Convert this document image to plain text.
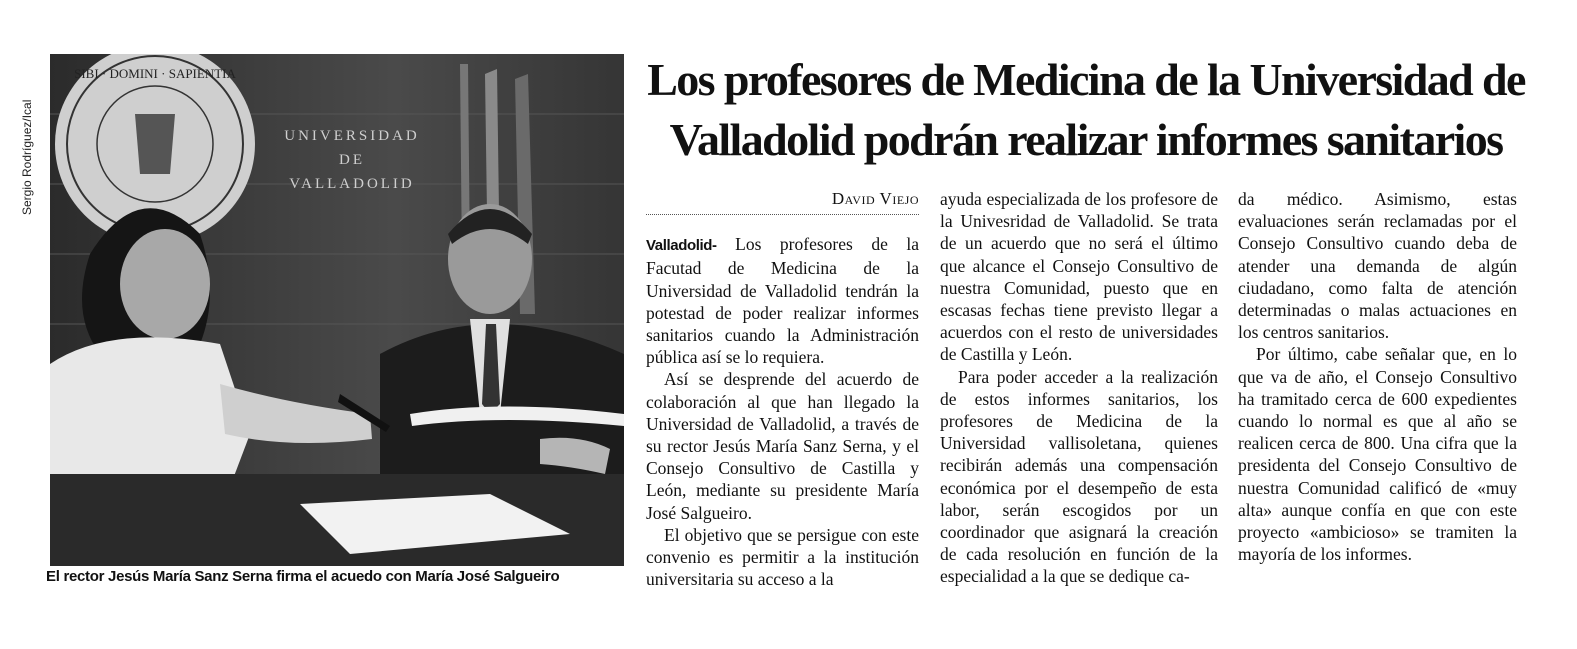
Sergio Rodríguez/Ical
SIBI · DOMINI · SAPIENTIA
UNIVERSIDAD
DE
VALLADOLID
El rector Jesús María Sanz Serna firma el acuedo con María José Salgueiro
Los profesores de Medicina de la Universidad de Valladolid podrán realizar informes sanitarios
David Viejo

Valladolid- Los profesores de la Facutad de Medicina de la Universidad de Valladolid tendrán la potestad de poder realizar informes sanitarios cuando la Administración pública así se lo requiera.

Así se desprende del acuerdo de colaboración al que han llegado la Universidad de Valladolid, a través de su rector Jesús María Sanz Serna, y el Consejo Consultivo de Castilla y León, mediante su presidente María José Salgueiro.

El objetivo que se persigue con este convenio es permitir a la institución universitaria su acceso a la

ayuda especializada de los profesore de la Univesridad de Valladolid. Se trata de un acuerdo que no será el último que alcance el Consejo Consultivo de nuestra Comunidad, puesto que en escasas fechas tiene previsto llegar a acuerdos con el resto de universidades de Castilla y León.

Para poder acceder a la realización de estos informes sanitarios, los profesores de Medicina de la Universidad vallisoletana, quienes recibirán además una compensación económica por el desempeño de esta labor, serán escogidos por un coordinador que asignará la creación de cada resolución en función de la especialidad a la que se dedique ca-

da médico. Asimismo, estas evaluaciones serán reclamadas por el Consejo Consultivo cuando deba de atender una demanda de algún ciudadano, como falta de atención determinadas o malas actuaciones en los centros sanitarios.

Por último, cabe señalar que, en lo que va de año, el Consejo Consultivo ha tramitado cerca de 600 expedientes cuando lo normal es que al año se realicen cerca de 800. Una cifra que la presidenta del Consejo Consultivo de nuestra Comunidad calificó de «muy alta» aunque confía en que con este proyecto «ambicioso» se tramiten la mayoría de los informes.
